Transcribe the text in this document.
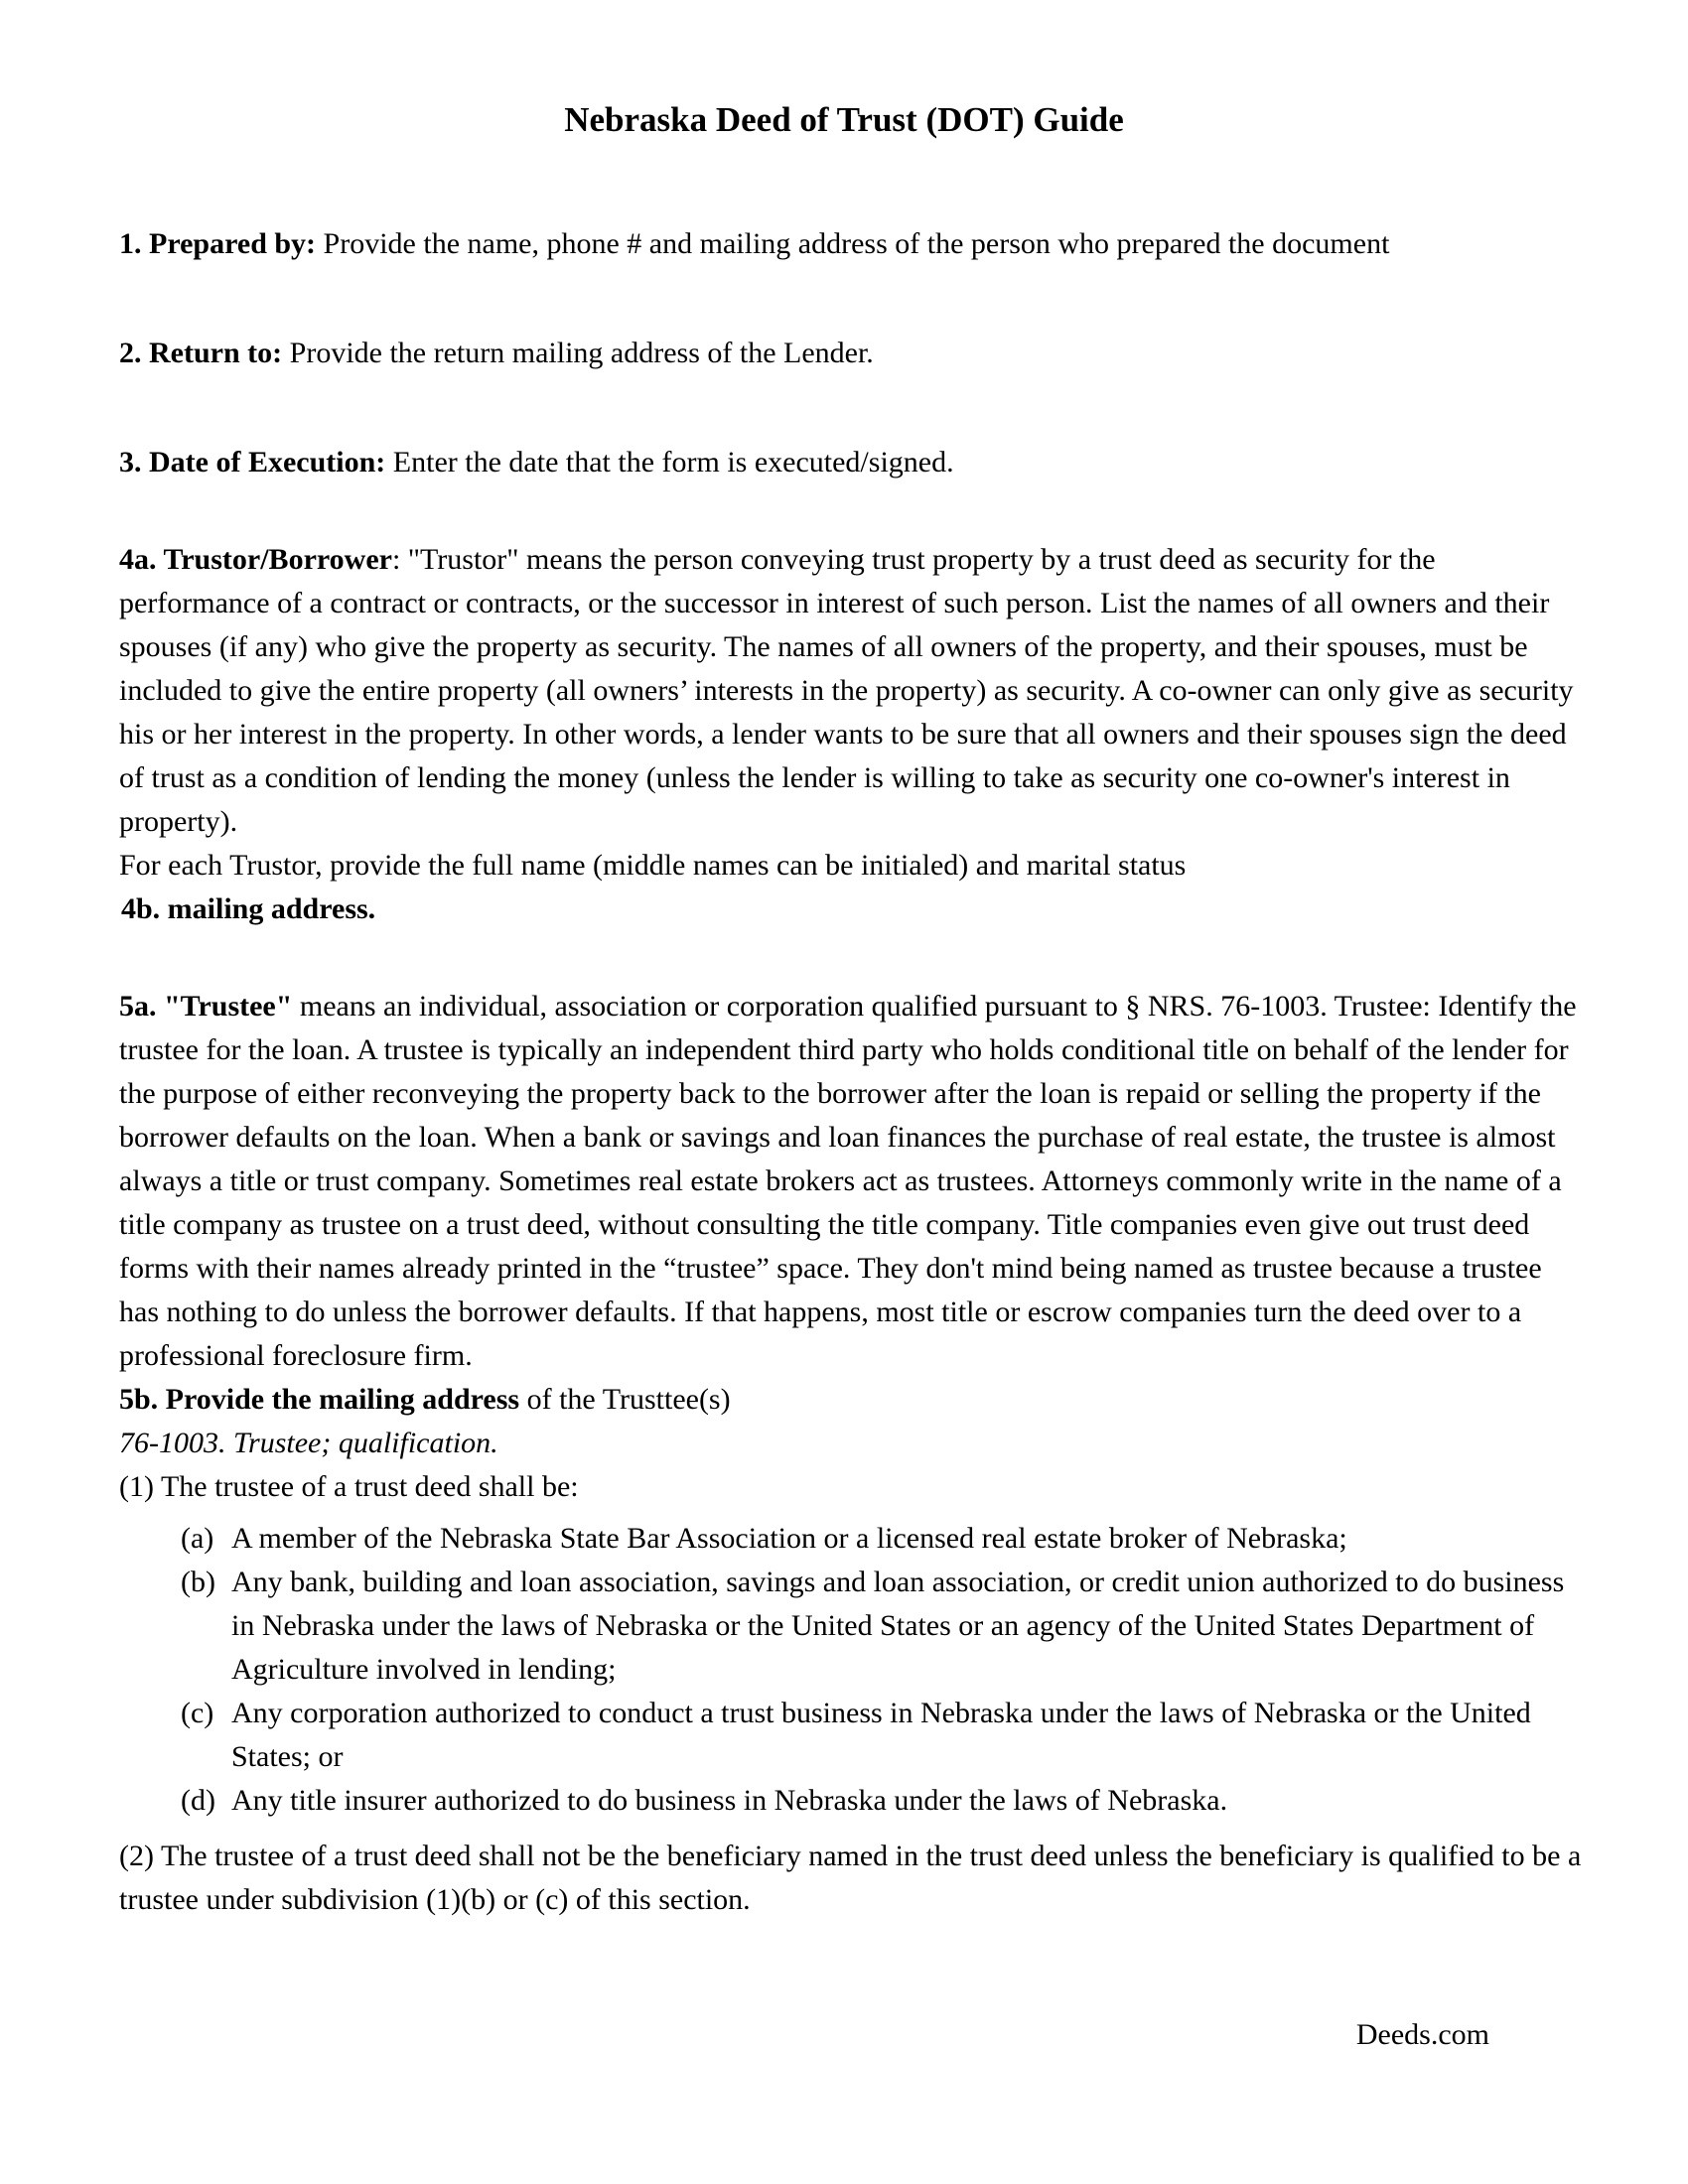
Nebraska Deed of Trust (DOT) Guide

1. Prepared by: Provide the name, phone # and mailing address of the person who prepared the document

2. Return to: Provide the return mailing address of the Lender.

3. Date of Execution: Enter the date that the form is executed/signed.

4a. Trustor/Borrower: "Trustor" means the person conveying trust property by a trust deed as security for the performance of a contract or contracts, or the successor in interest of such person. List the names of all owners and their spouses (if any) who give the property as security. The names of all owners of the property, and their spouses, must be included to give the entire property (all owners’ interests in the property) as security. A co-owner can only give as security his or her interest in the property. In other words, a lender wants to be sure that all owners and their spouses sign the deed of trust as a condition of lending the money (unless the lender is willing to take as security one co-owner's interest in property).

For each Trustor, provide the full name (middle names can be initialed) and marital status

4b. mailing address.

5a. "Trustee" means an individual, association or corporation qualified pursuant to § NRS. 76-1003. Trustee: Identify the trustee for the loan. A trustee is typically an independent third party who holds conditional title on behalf of the lender for the purpose of either reconveying the property back to the borrower after the loan is repaid or selling the property if the borrower defaults on the loan. When a bank or savings and loan finances the purchase of real estate, the trustee is almost always a title or trust company. Sometimes real estate brokers act as trustees. Attorneys commonly write in the name of a title company as trustee on a trust deed, without consulting the title company. Title companies even give out trust deed forms with their names already printed in the “trustee” space. They don't mind being named as trustee because a trustee has nothing to do unless the borrower defaults. If that happens, most title or escrow companies turn the deed over to a professional foreclosure firm.

5b. Provide the mailing address of the Trusttee(s)

76-1003. Trustee; qualification.

(1) The trustee of a trust deed shall be:

(a) A member of the Nebraska State Bar Association or a licensed real estate broker of Nebraska;
(b) Any bank, building and loan association, savings and loan association, or credit union authorized to do business in Nebraska under the laws of Nebraska or the United States or an agency of the United States Department of Agriculture involved in lending;
(c) Any corporation authorized to conduct a trust business in Nebraska under the laws of Nebraska or the United States; or
(d) Any title insurer authorized to do business in Nebraska under the laws of Nebraska.

(2) The trustee of a trust deed shall not be the beneficiary named in the trust deed unless the beneficiary is qualified to be a trustee under subdivision (1)(b) or (c) of this section.

Deeds.com
